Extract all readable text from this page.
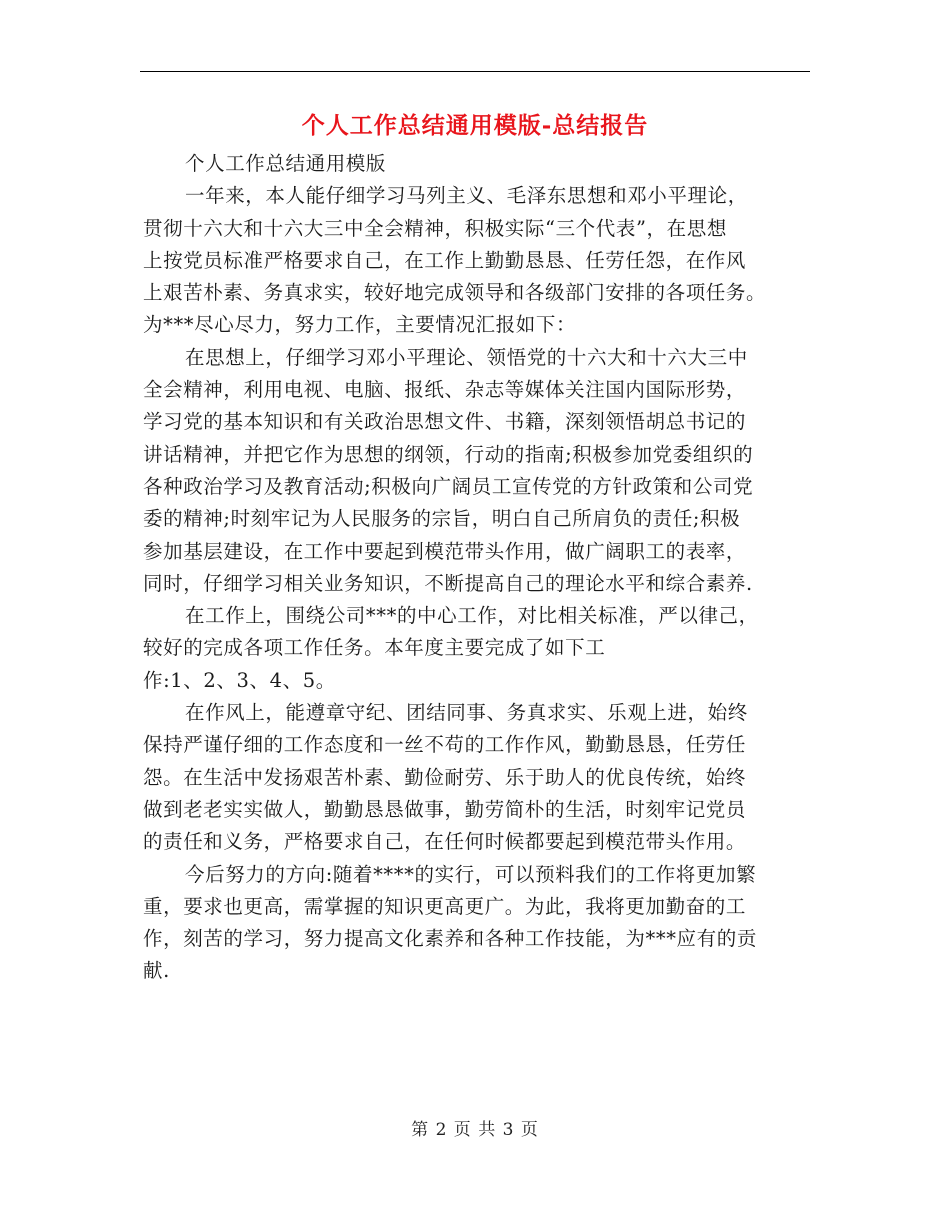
个人工作总结通用模版-总结报告
个人工作总结通用模版
一年来，本人能仔细学习马列主义、毛泽东思想和邓小平理论，
贯彻十六大和十六大三中全会精神，积极实际“三个代表”，在思想
上按党员标准严格要求自己，在工作上勤勤恳恳、任劳任怨，在作风
上艰苦朴素、务真求实，较好地完成领导和各级部门安排的各项任务。
为***尽心尽力，努力工作，主要情况汇报如下：
在思想上，仔细学习邓小平理论、领悟党的十六大和十六大三中
全会精神，利用电视、电脑、报纸、杂志等媒体关注国内国际形势，
学习党的基本知识和有关政治思想文件、书籍，深刻领悟胡总书记的
讲话精神，并把它作为思想的纲领，行动的指南;积极参加党委组织的
各种政治学习及教育活动;积极向广阔员工宣传党的方针政策和公司党
委的精神;时刻牢记为人民服务的宗旨，明白自己所肩负的责任;积极
参加基层建设，在工作中要起到模范带头作用，做广阔职工的表率，
同时，仔细学习相关业务知识，不断提高自己的理论水平和综合素养.
在工作上，围绕公司***的中心工作，对比相关标准，严以律己，
较好的完成各项工作任务。本年度主要完成了如下工
作:1、2、3、4、5。
在作风上，能遵章守纪、团结同事、务真求实、乐观上进，始终
保持严谨仔细的工作态度和一丝不苟的工作作风，勤勤恳恳，任劳任
怨。在生活中发扬艰苦朴素、勤俭耐劳、乐于助人的优良传统，始终
做到老老实实做人，勤勤恳恳做事，勤劳简朴的生活，时刻牢记党员
的责任和义务，严格要求自己，在任何时候都要起到模范带头作用。
今后努力的方向:随着****的实行，可以预料我们的工作将更加繁
重，要求也更高，需掌握的知识更高更广。为此，我将更加勤奋的工
作，刻苦的学习，努力提高文化素养和各种工作技能，为***应有的贡
献.
第 2 页 共 3 页
